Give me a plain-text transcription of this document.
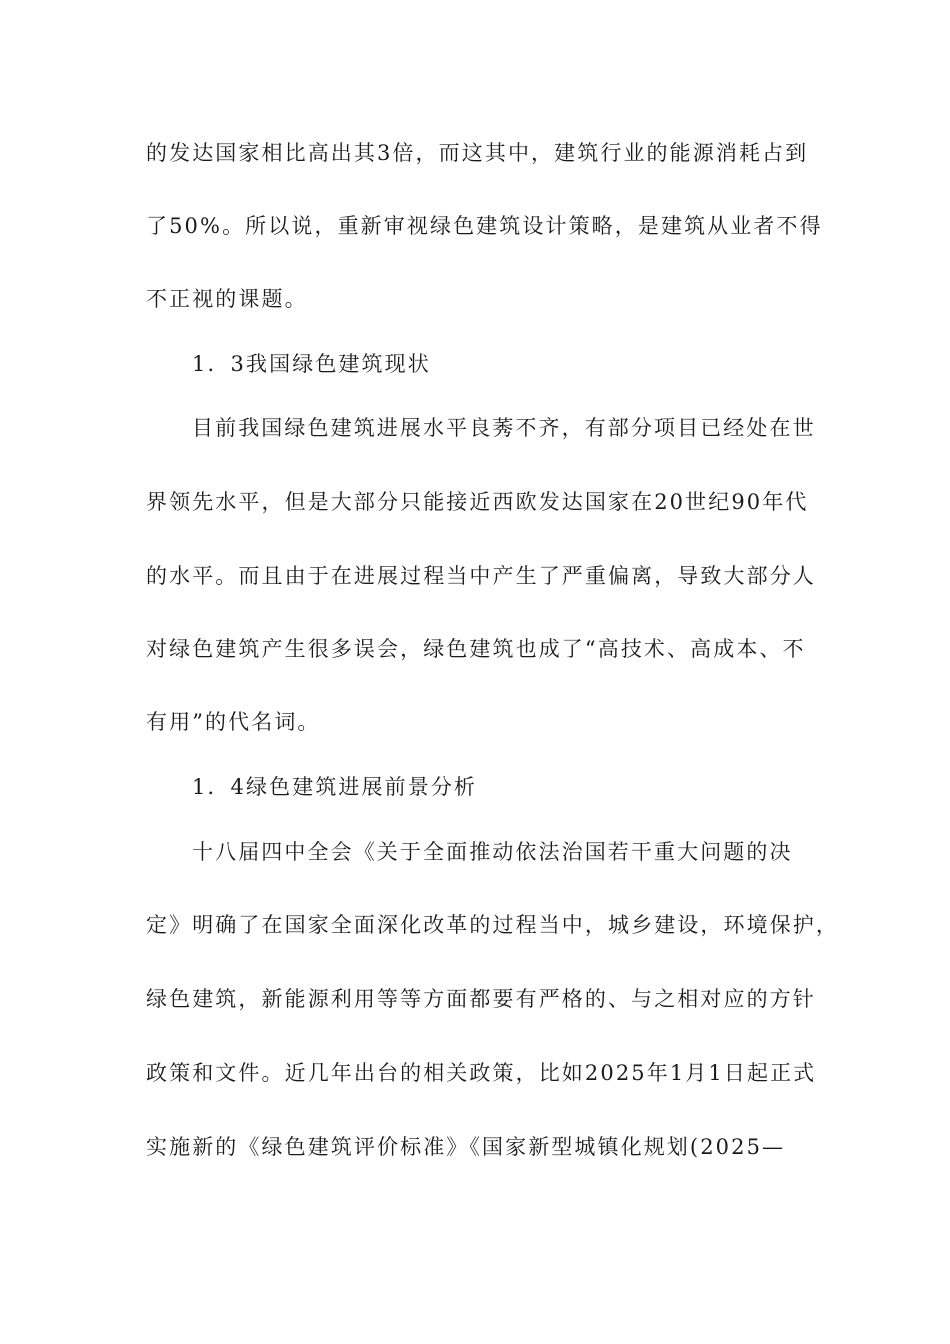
的发达国家相比高出其3倍，而这其中，建筑行业的能源消耗占到
了50%。所以说，重新审视绿色建筑设计策略，是建筑从业者不得
不正视的课题。
1．3我国绿色建筑现状
目前我国绿色建筑进展水平良莠不齐，有部分项目已经处在世
界领先水平，但是大部分只能接近西欧发达国家在20世纪90年代
的水平。而且由于在进展过程当中产生了严重偏离，导致大部分人
对绿色建筑产生很多误会，绿色建筑也成了“高技术、高成本、不
有用”的代名词。
1．4绿色建筑进展前景分析
十八届四中全会《关于全面推动依法治国若干重大问题的决
定》明确了在国家全面深化改革的过程当中，城乡建设，环境保护，
绿色建筑，新能源利用等等方面都要有严格的、与之相对应的方针
政策和文件。近几年出台的相关政策，比如2025年1月1日起正式
实施新的《绿色建筑评价标准》《国家新型城镇化规划(2025—
